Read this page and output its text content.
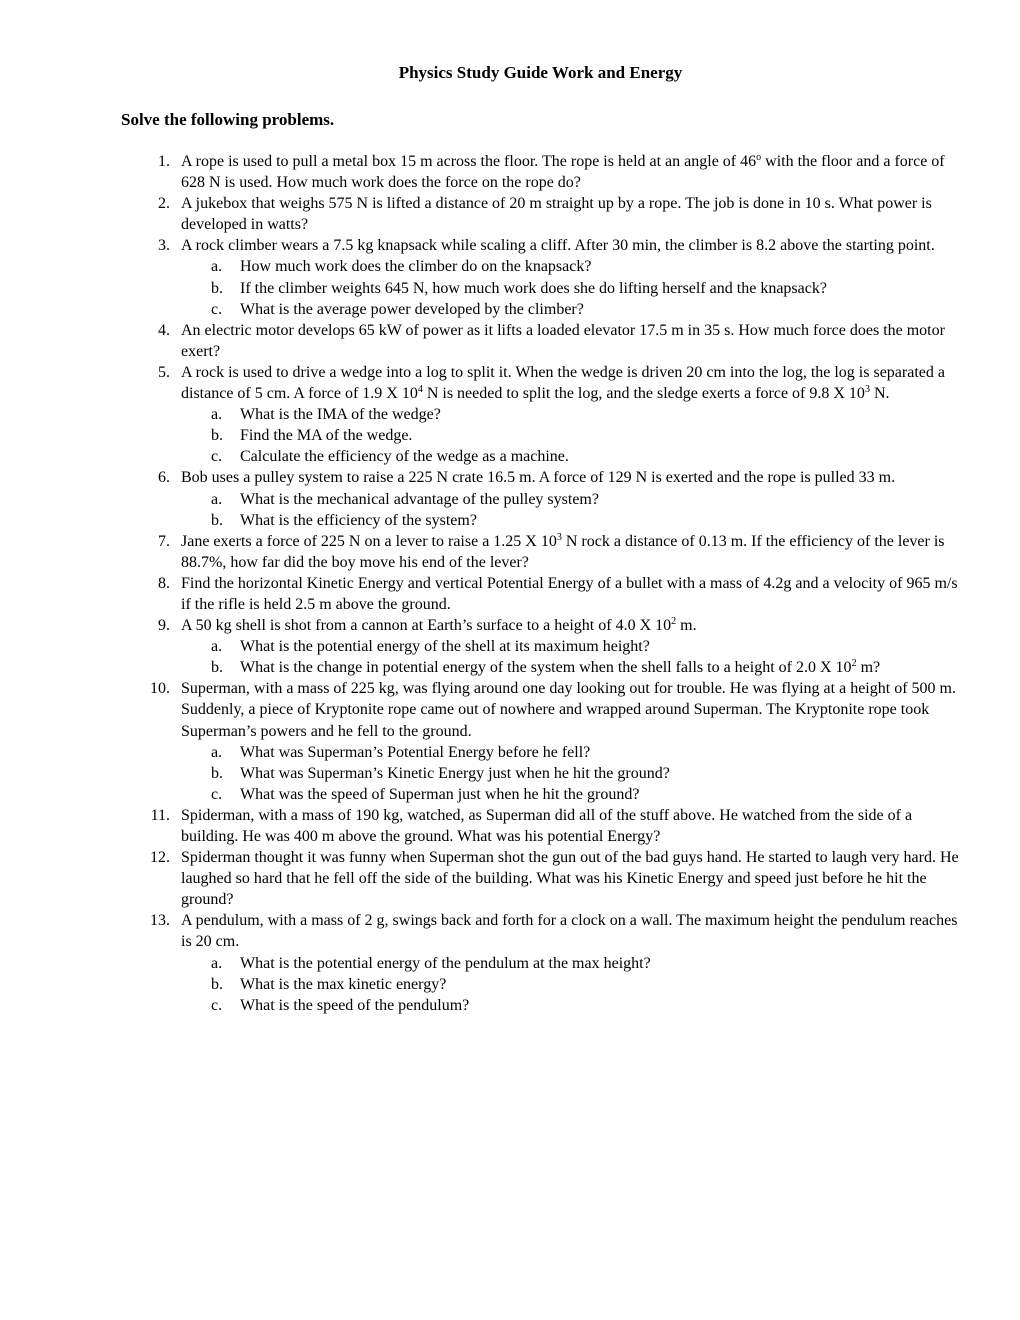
Physics Study Guide Work and Energy
Solve the following problems.
1. A rope is used to pull a metal box 15 m across the floor. The rope is held at an angle of 46$^o$ with the floor and a force of 628 N is used. How much work does the force on the rope do?
2. A jukebox that weighs 575 N is lifted a distance of 20 m straight up by a rope. The job is done in 10 s. What power is developed in watts?
3. A rock climber wears a 7.5 kg knapsack while scaling a cliff. After 30 min, the climber is 8.2 above the starting point.
a. How much work does the climber do on the knapsack?
b. If the climber weights 645 N, how much work does she do lifting herself and the knapsack?
c. What is the average power developed by the climber?
4. An electric motor develops 65 kW of power as it lifts a loaded elevator 17.5 m in 35 s. How much force does the motor exert?
5. A rock is used to drive a wedge into a log to split it. When the wedge is driven 20 cm into the log, the log is separated a distance of 5 cm. A force of 1.9 X $10^4$ N is needed to split the log, and the sledge exerts a force of 9.8 X $10^3$ N.
a. What is the IMA of the wedge?
b. Find the MA of the wedge.
c. Calculate the efficiency of the wedge as a machine.
6. Bob uses a pulley system to raise a 225 N crate 16.5 m. A force of 129 N is exerted and the rope is pulled 33 m.
a. What is the mechanical advantage of the pulley system?
b. What is the efficiency of the system?
7. Jane exerts a force of 225 N on a lever to raise a 1.25 X $10^3$ N rock a distance of 0.13 m. If the efficiency of the lever is 88.7%, how far did the boy move his end of the lever?
8. Find the horizontal Kinetic Energy and vertical Potential Energy of a bullet with a mass of 4.2g and a velocity of 965 m/s if the rifle is held 2.5 m above the ground.
9. A 50 kg shell is shot from a cannon at Earth’s surface to a height of 4.0 X $10^2$ m.
a. What is the potential energy of the shell at its maximum height?
b. What is the change in potential energy of the system when the shell falls to a height of 2.0 X $10^2$ m?
10. Superman, with a mass of 225 kg, was flying around one day looking out for trouble. He was flying at a height of 500 m. Suddenly, a piece of Kryptonite rope came out of nowhere and wrapped around Superman. The Kryptonite rope took Superman’s powers and he fell to the ground.
a. What was Superman’s Potential Energy before he fell?
b. What was Superman’s Kinetic Energy just when he hit the ground?
c. What was the speed of Superman just when he hit the ground?
11. Spiderman, with a mass of 190 kg, watched, as Superman did all of the stuff above. He watched from the side of a building. He was 400 m above the ground. What was his potential Energy?
12. Spiderman thought it was funny when Superman shot the gun out of the bad guys hand. He started to laugh very hard. He laughed so hard that he fell off the side of the building. What was his Kinetic Energy and speed just before he hit the ground?
13. A pendulum, with a mass of 2 g, swings back and forth for a clock on a wall. The maximum height the pendulum reaches is 20 cm.
a. What is the potential energy of the pendulum at the max height?
b. What is the max kinetic energy?
c. What is the speed of the pendulum?
